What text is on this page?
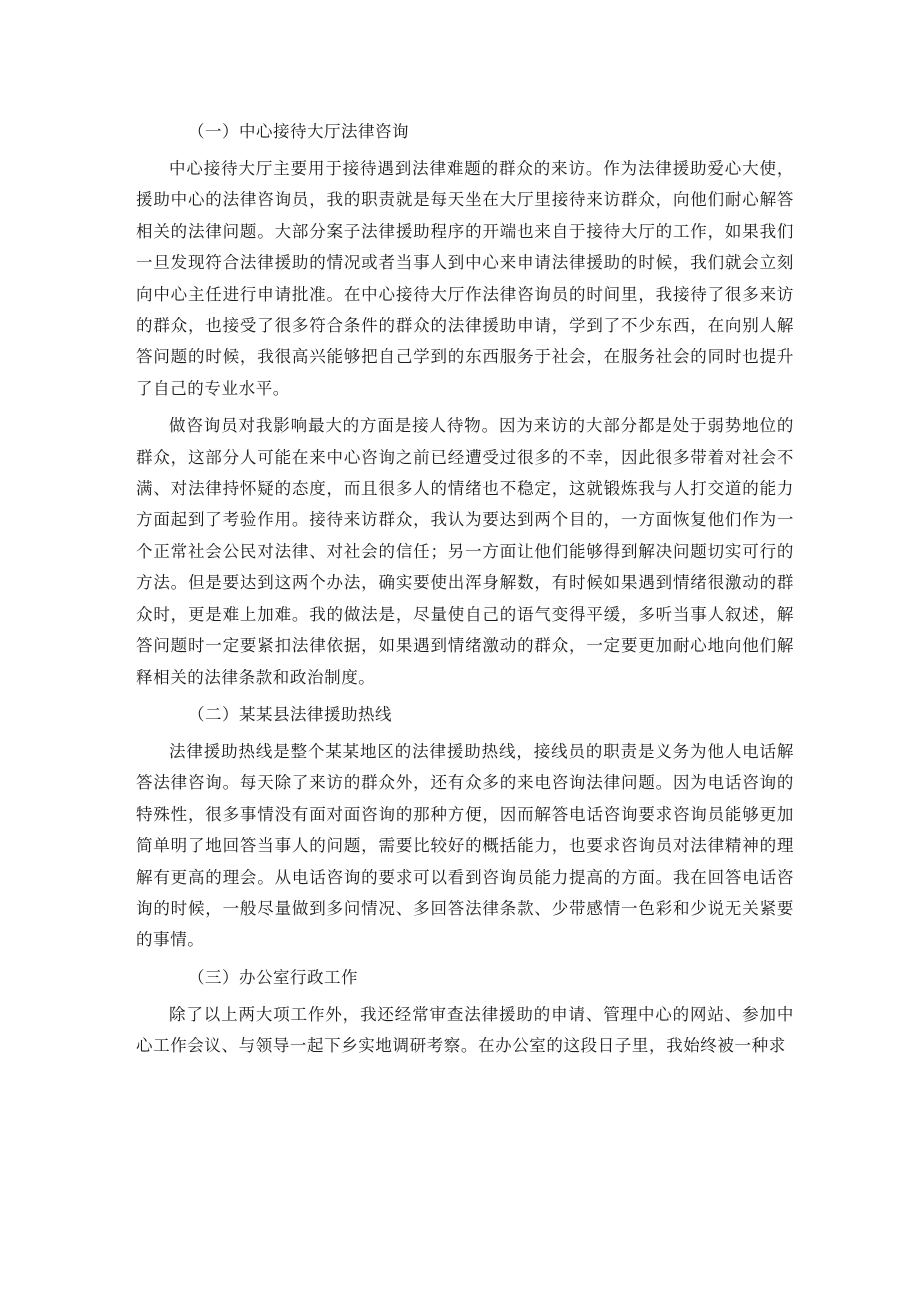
（一）中心接待大厅法律咨询

中心接待大厅主要用于接待遇到法律难题的群众的来访。作为法律援助爱心大使，援助中心的法律咨询员，我的职责就是每天坐在大厅里接待来访群众，向他们耐心解答相关的法律问题。大部分案子法律援助程序的开端也来自于接待大厅的工作，如果我们一旦发现符合法律援助的情况或者当事人到中心来申请法律援助的时候，我们就会立刻向中心主任进行申请批准。在中心接待大厅作法律咨询员的时间里，我接待了很多来访的群众，也接受了很多符合条件的群众的法律援助申请，学到了不少东西，在向别人解答问题的时候，我很高兴能够把自己学到的东西服务于社会，在服务社会的同时也提升了自己的专业水平。

做咨询员对我影响最大的方面是接人待物。因为来访的大部分都是处于弱势地位的群众，这部分人可能在来中心咨询之前已经遭受过很多的不幸，因此很多带着对社会不满、对法律持怀疑的态度，而且很多人的情绪也不稳定，这就锻炼我与人打交道的能力方面起到了考验作用。接待来访群众，我认为要达到两个目的，一方面恢复他们作为一个正常社会公民对法律、对社会的信任；另一方面让他们能够得到解决问题切实可行的方法。但是要达到这两个办法，确实要使出浑身解数，有时候如果遇到情绪很激动的群众时，更是难上加难。我的做法是，尽量使自己的语气变得平缓，多听当事人叙述，解答问题时一定要紧扣法律依据，如果遇到情绪激动的群众，一定要更加耐心地向他们解释相关的法律条款和政治制度。

（二）某某县法律援助热线

法律援助热线是整个某某地区的法律援助热线，接线员的职责是义务为他人电话解答法律咨询。每天除了来访的群众外，还有众多的来电咨询法律问题。因为电话咨询的特殊性，很多事情没有面对面咨询的那种方便，因而解答电话咨询要求咨询员能够更加简单明了地回答当事人的问题，需要比较好的概括能力，也要求咨询员对法律精神的理解有更高的理会。从电话咨询的要求可以看到咨询员能力提高的方面。我在回答电话咨询的时候，一般尽量做到多问情况、多回答法律条款、少带感情一色彩和少说无关紧要的事情。

（三）办公室行政工作

除了以上两大项工作外，我还经常审查法律援助的申请、管理中心的网站、参加中心工作会议、与领导一起下乡实地调研考察。在办公室的这段日子里，我始终被一种求
